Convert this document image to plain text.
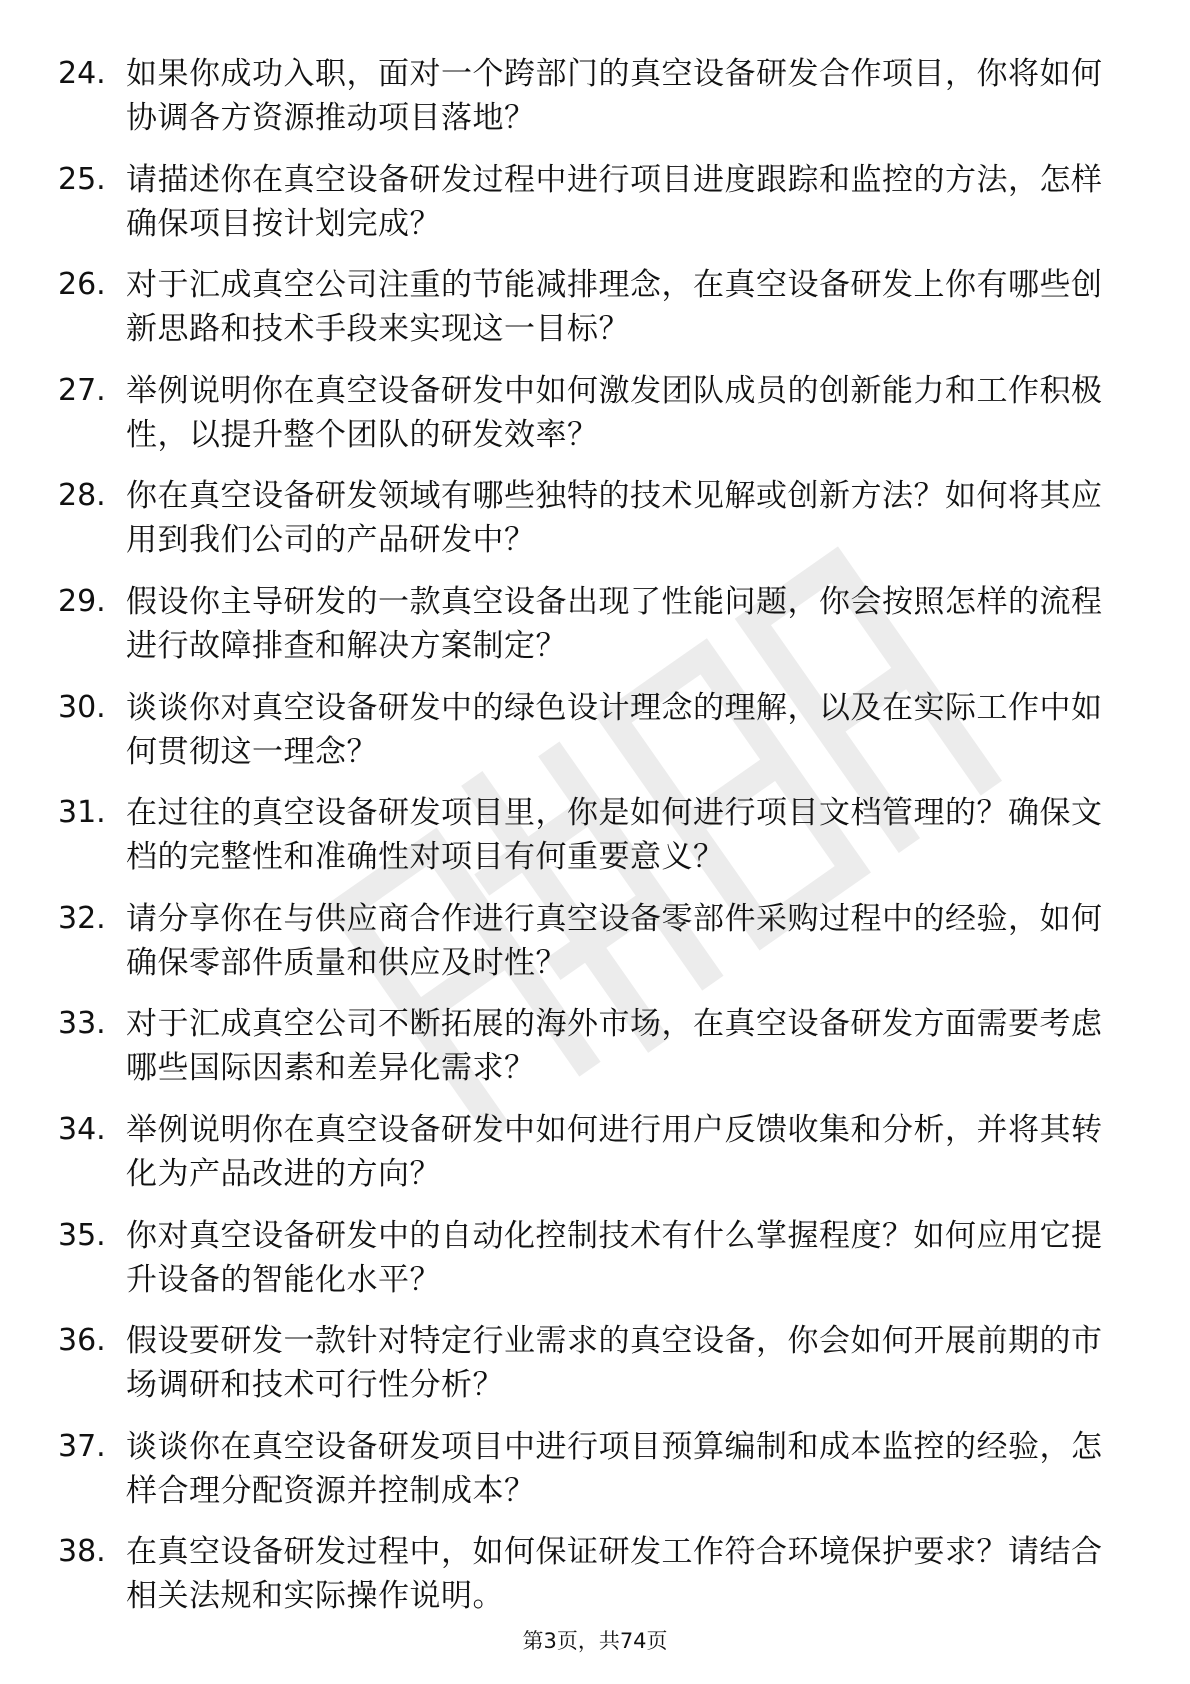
24. 如果你成功入职，面对一个跨部门的真空设备研发合作项目，你将如何协调各方资源推动项目落地？
25. 请描述你在真空设备研发过程中进行项目进度跟踪和监控的方法，怎样确保项目按计划完成？
26. 对于汇成真空公司注重的节能减排理念，在真空设备研发上你有哪些创新思路和技术手段来实现这一目标？
27. 举例说明你在真空设备研发中如何激发团队成员的创新能力和工作积极性，以提升整个团队的研发效率？
28. 你在真空设备研发领域有哪些独特的技术见解或创新方法？如何将其应用到我们公司的产品研发中？
29. 假设你主导研发的一款真空设备出现了性能问题，你会按照怎样的流程进行故障排查和解决方案制定？
30. 谈谈你对真空设备研发中的绿色设计理念的理解，以及在实际工作中如何贯彻这一理念？
31. 在过往的真空设备研发项目里，你是如何进行项目文档管理的？确保文档的完整性和准确性对项目有何重要意义？
32. 请分享你在与供应商合作进行真空设备零部件采购过程中的经验，如何确保零部件质量和供应及时性？
33. 对于汇成真空公司不断拓展的海外市场，在真空设备研发方面需要考虑哪些国际因素和差异化需求？
34. 举例说明你在真空设备研发中如何进行用户反馈收集和分析，并将其转化为产品改进的方向？
35. 你对真空设备研发中的自动化控制技术有什么掌握程度？如何应用它提升设备的智能化水平？
36. 假设要研发一款针对特定行业需求的真空设备，你会如何开展前期的市场调研和技术可行性分析？
37. 谈谈你在真空设备研发项目中进行项目预算编制和成本监控的经验，怎样合理分配资源并控制成本？
38. 在真空设备研发过程中，如何保证研发工作符合环境保护要求？请结合相关法规和实际操作说明。
第3页，共74页
